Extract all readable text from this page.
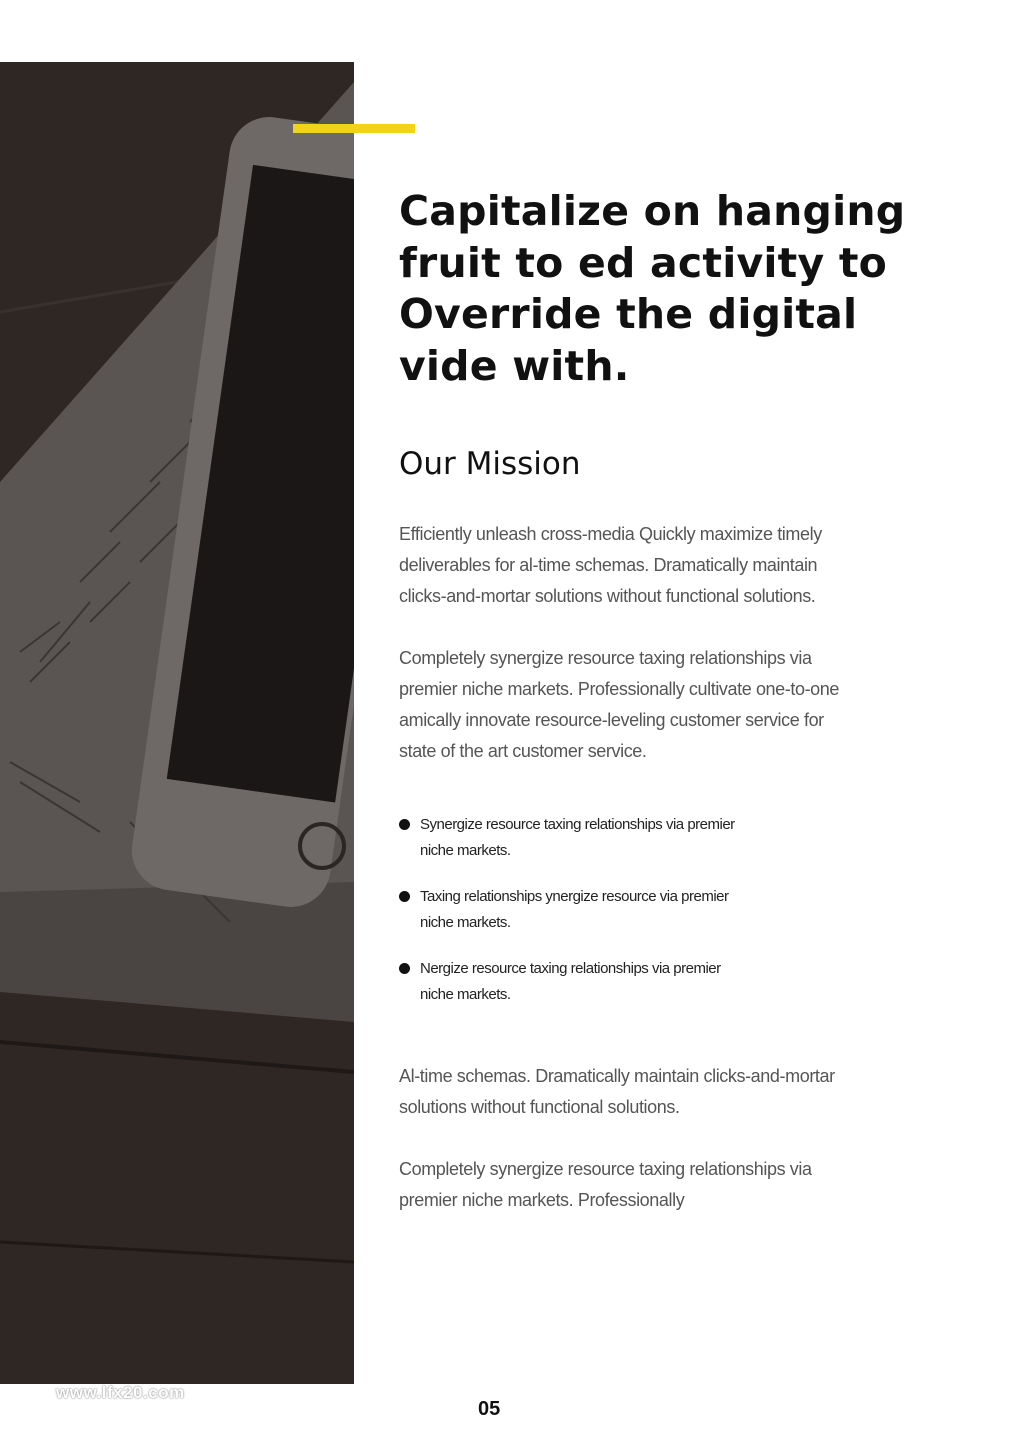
Capitalize on hanging
fruit to ed activity to
Override the digital
vide with.
Our Mission

Efficiently unleash cross-media Quickly maximize timely
deliverables for al-time schemas. Dramatically maintain
clicks-and-mortar solutions without functional solutions.

Completely synergize resource taxing relationships via
premier niche markets. Professionally cultivate one-to-one
amically innovate resource-leveling customer service for
state of the art customer service.

Synergize resource taxing relationships via premier
niche markets.
Taxing relationships ynergize resource via premier
niche markets.
Nergize resource taxing relationships via premier
niche markets.

Al-time schemas. Dramatically maintain clicks-and-mortar
solutions without functional solutions.

Completely synergize resource taxing relationships via
premier niche markets. Professionally

www.lfx20.com
05
